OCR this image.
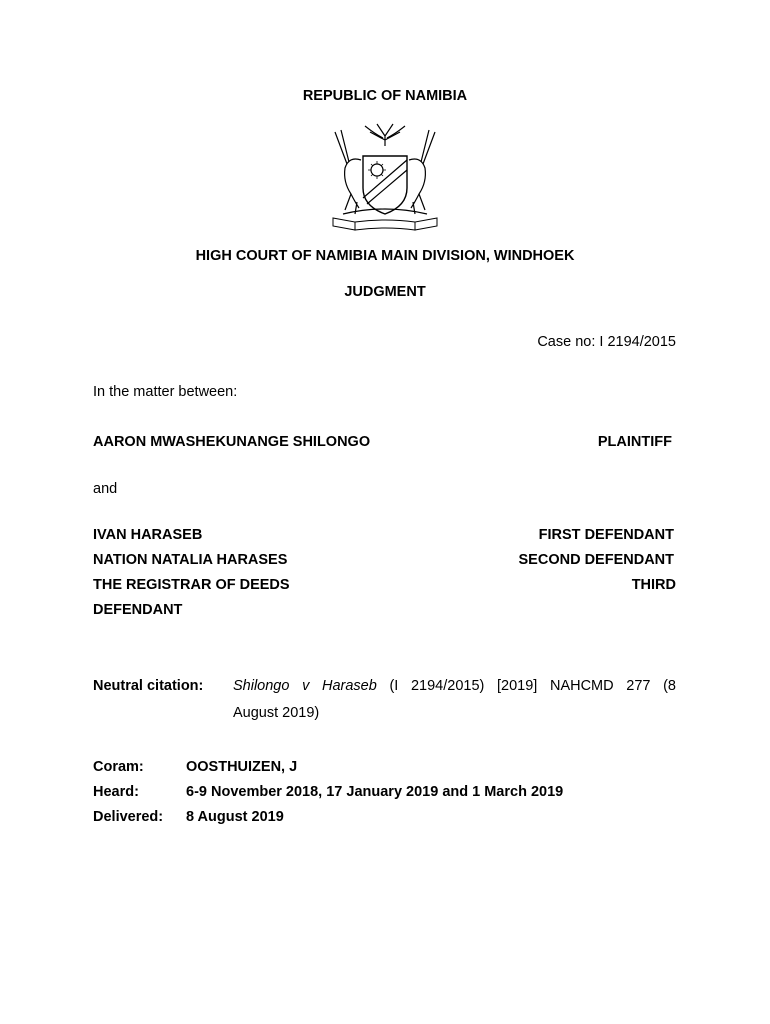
REPUBLIC OF NAMIBIA
HIGH COURT OF NAMIBIA MAIN DIVISION, WINDHOEK
JUDGMENT
Case no: I 2194/2015
In the matter between:
AARON MWASHEKUNANGE SHILONGO	PLAINTIFF
and
IVAN HARASEB	FIRST DEFENDANT
NATION NATALIA HARASES	SECOND DEFENDANT
THE REGISTRAR OF DEEDS	THIRD
DEFENDANT
Neutral citation: Shilongo v Haraseb (I 2194/2015) [2019] NAHCMD 277 (8
August 2019)
Coram:	OOSTHUIZEN, J
Heard:	6-9 November 2018, 17 January 2019 and 1 March 2019
Delivered: 8 August 2019
